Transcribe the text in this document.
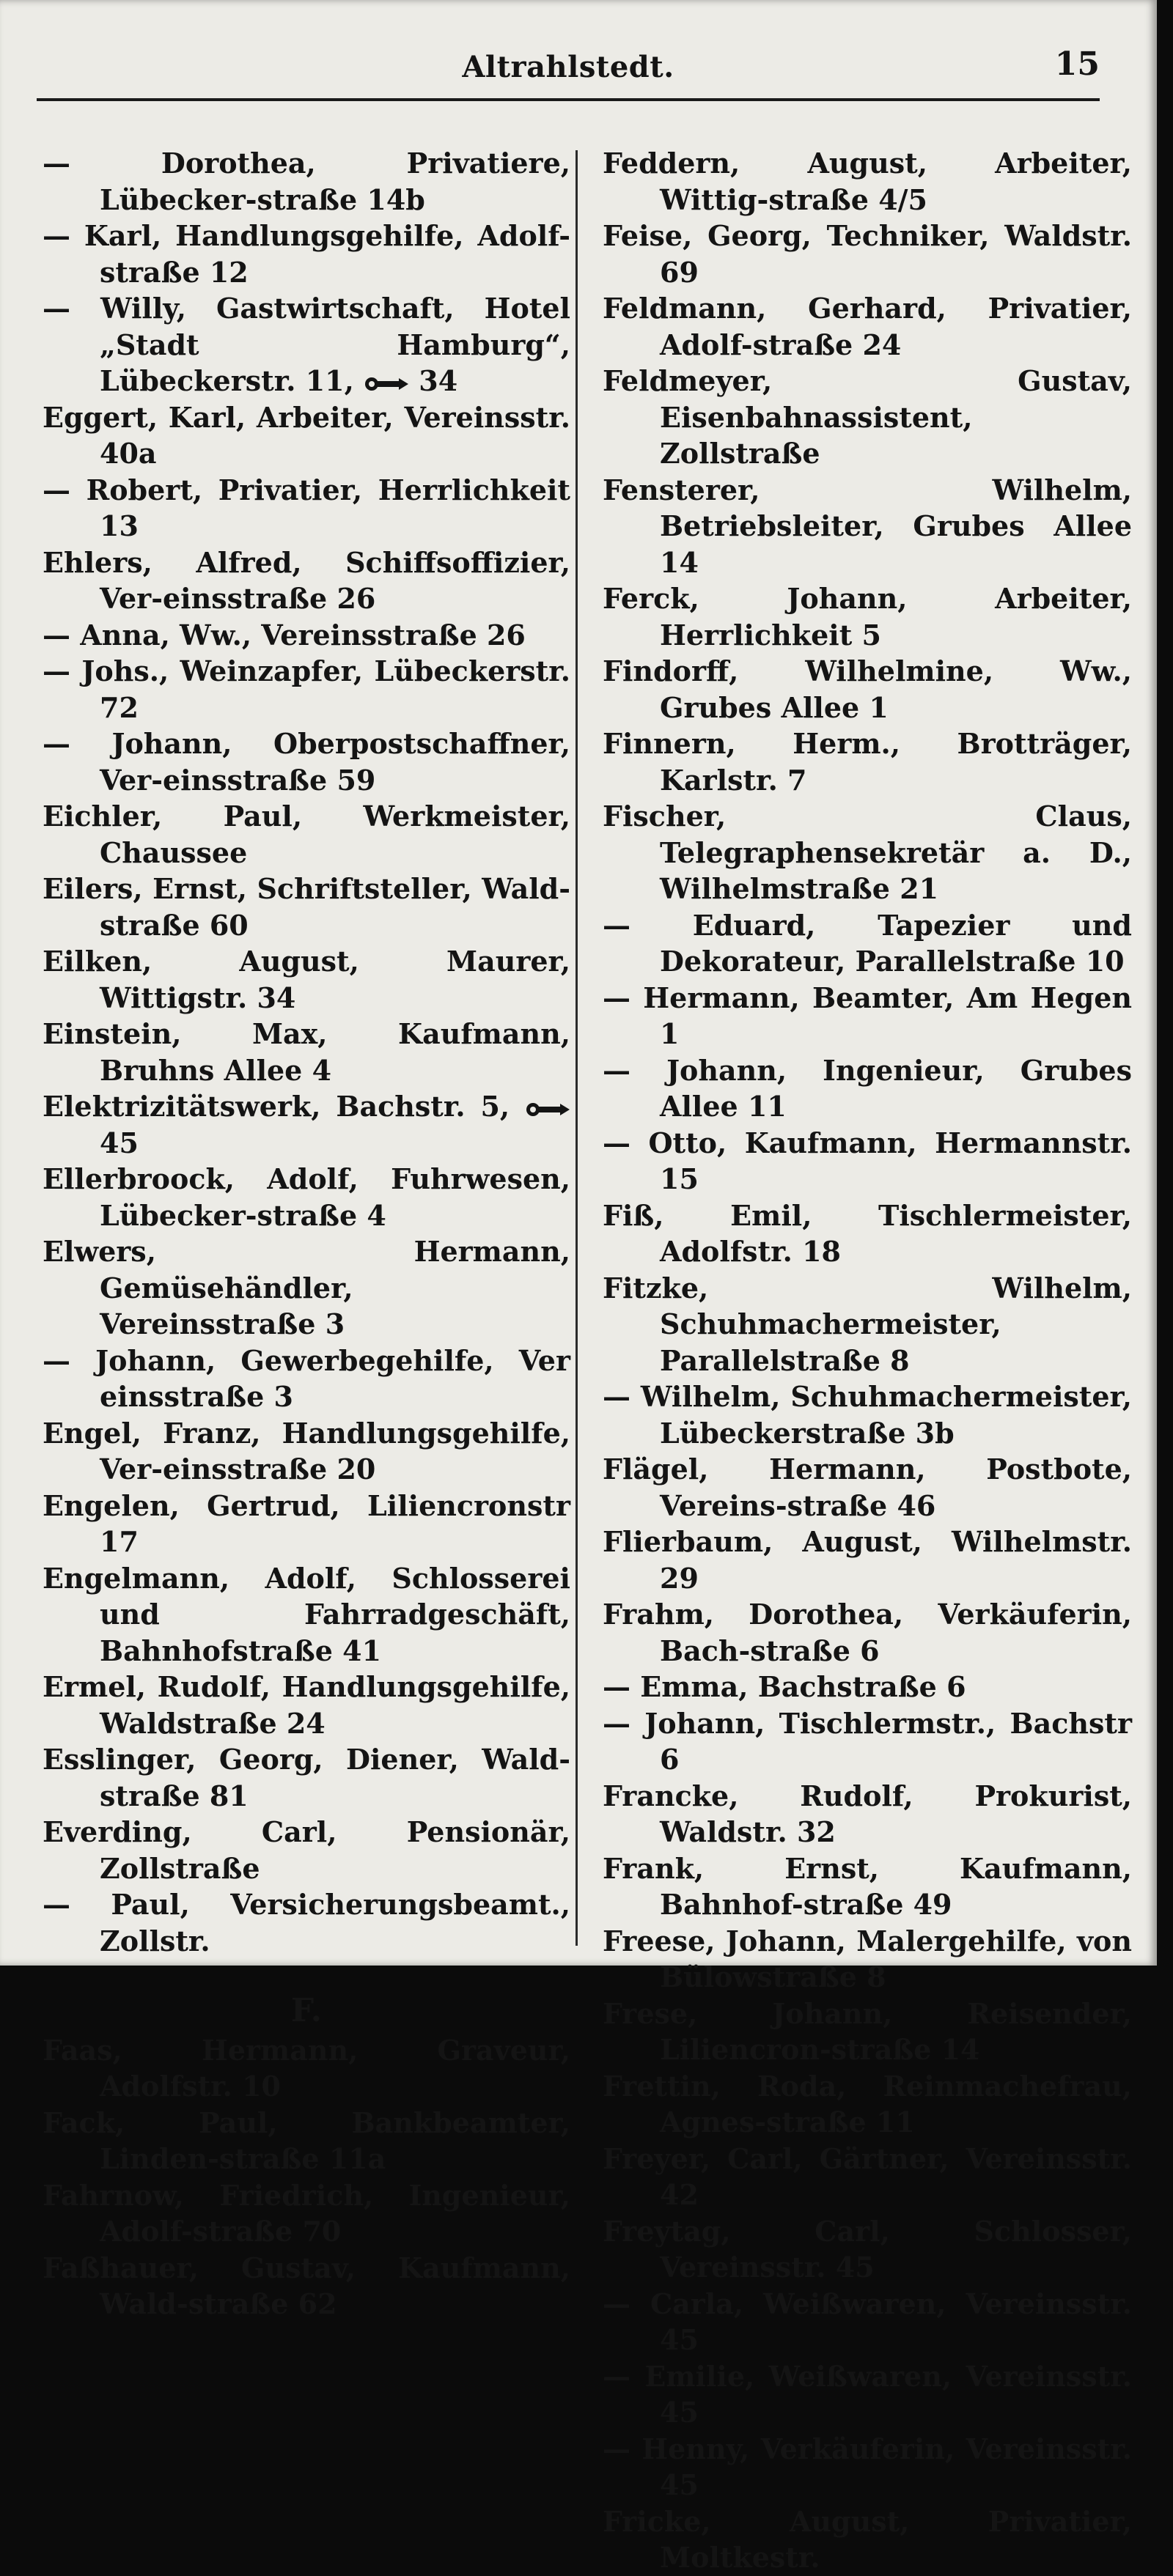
Altrahlstedt.	15

— Dorothea, Privatiere, Lübecker-straße 14b

— Karl, Handlungsgehilfe, Adolf-straße 12

— Willy, Gastwirtschaft, Hotel „Stadt Hamburg“, Lübeckerstr. 11, 34

Eggert, Karl, Arbeiter, Vereinsstr. 40a

— Robert, Privatier, Herrlichkeit 13

Ehlers, Alfred, Schiffsoffizier, Ver-einsstraße 26

— Anna, Ww., Vereinsstraße 26

— Johs., Weinzapfer, Lübeckerstr. 72

— Johann, Oberpostschaffner, Ver-einsstraße 59

Eichler, Paul, Werkmeister, Chaussee

Eilers, Ernst, Schriftsteller, Wald-straße 60

Eilken, August, Maurer, Wittigstr. 34

Einstein, Max, Kaufmann, Bruhns Allee 4

Elektrizitätswerk, Bachstr. 5,  45

Ellerbroock, Adolf, Fuhrwesen, Lübecker-straße 4

Elwers, Hermann, Gemüsehändler, Vereinsstraße 3

— Johann, Gewerbegehilfe, Ver einsstraße 3

Engel, Franz, Handlungsgehilfe, Ver-einsstraße 20

Engelen, Gertrud, Liliencronstr 17

Engelmann, Adolf, Schlosserei und Fahrradgeschäft, Bahnhofstraße 41

Ermel, Rudolf, Handlungsgehilfe, Waldstraße 24

Esslinger, Georg, Diener, Wald-straße 81

Everding, Carl, Pensionär, Zollstraße

— Paul, Versicherungsbeamt., Zollstr.

F.

Faas, Hermann, Graveur, Adolfstr. 10

Fack, Paul, Bankbeamter, Linden-straße 11a

Fahrnow, Friedrich, Ingenieur, Adolf-straße 70

Faßhauer, Gustav, Kaufmann, Wald-straße 62

Feddern, August, Arbeiter, Wittig-straße 4/5

Feise, Georg, Techniker, Waldstr. 69

Feldmann, Gerhard, Privatier, Adolf-straße 24

Feldmeyer, Gustav, Eisenbahnassistent, Zollstraße

Fensterer, Wilhelm, Betriebsleiter, Grubes Allee 14

Ferck, Johann, Arbeiter, Herrlichkeit 5

Findorff, Wilhelmine, Ww., Grubes Allee 1

Finnern, Herm., Brotträger, Karlstr. 7

Fischer, Claus, Telegraphensekretär a. D., Wilhelmstraße 21

— Eduard, Tapezier und Dekorateur, Parallelstraße 10

— Hermann, Beamter, Am Hegen 1

— Johann, Ingenieur, Grubes Allee 11

— Otto, Kaufmann, Hermannstr. 15

Fiß, Emil, Tischlermeister, Adolfstr. 18

Fitzke, Wilhelm, Schuhmachermeister, Parallelstraße 8

— Wilhelm, Schuhmachermeister, Lübeckerstraße 3b

Flägel, Hermann, Postbote, Vereins-straße 46

Flierbaum, August, Wilhelmstr. 29

Frahm, Dorothea, Verkäuferin, Bach-straße 6

— Emma, Bachstraße 6

— Johann, Tischlermstr., Bachstr 6

Francke, Rudolf, Prokurist, Waldstr. 32

Frank, Ernst, Kaufmann, Bahnhof-straße 49

Freese, Johann, Malergehilfe, von Bülowstraße 8

Frese, Johann, Reisender, Liliencron-straße 14

Frettin, Roda, Reinmachefrau, Agnes-straße 11

Freyer, Carl, Gärtner, Vereinsstr. 42

Freytag, Carl, Schlosser, Vereinsstr. 45

— Carla, Weißwaren, Vereinsstr. 45

— Emilie, Weißwaren, Vereinsstr. 45

— Henny, Verkäuferin, Vereinsstr. 45

Fricke, August, Privatier, Moltkestr.
